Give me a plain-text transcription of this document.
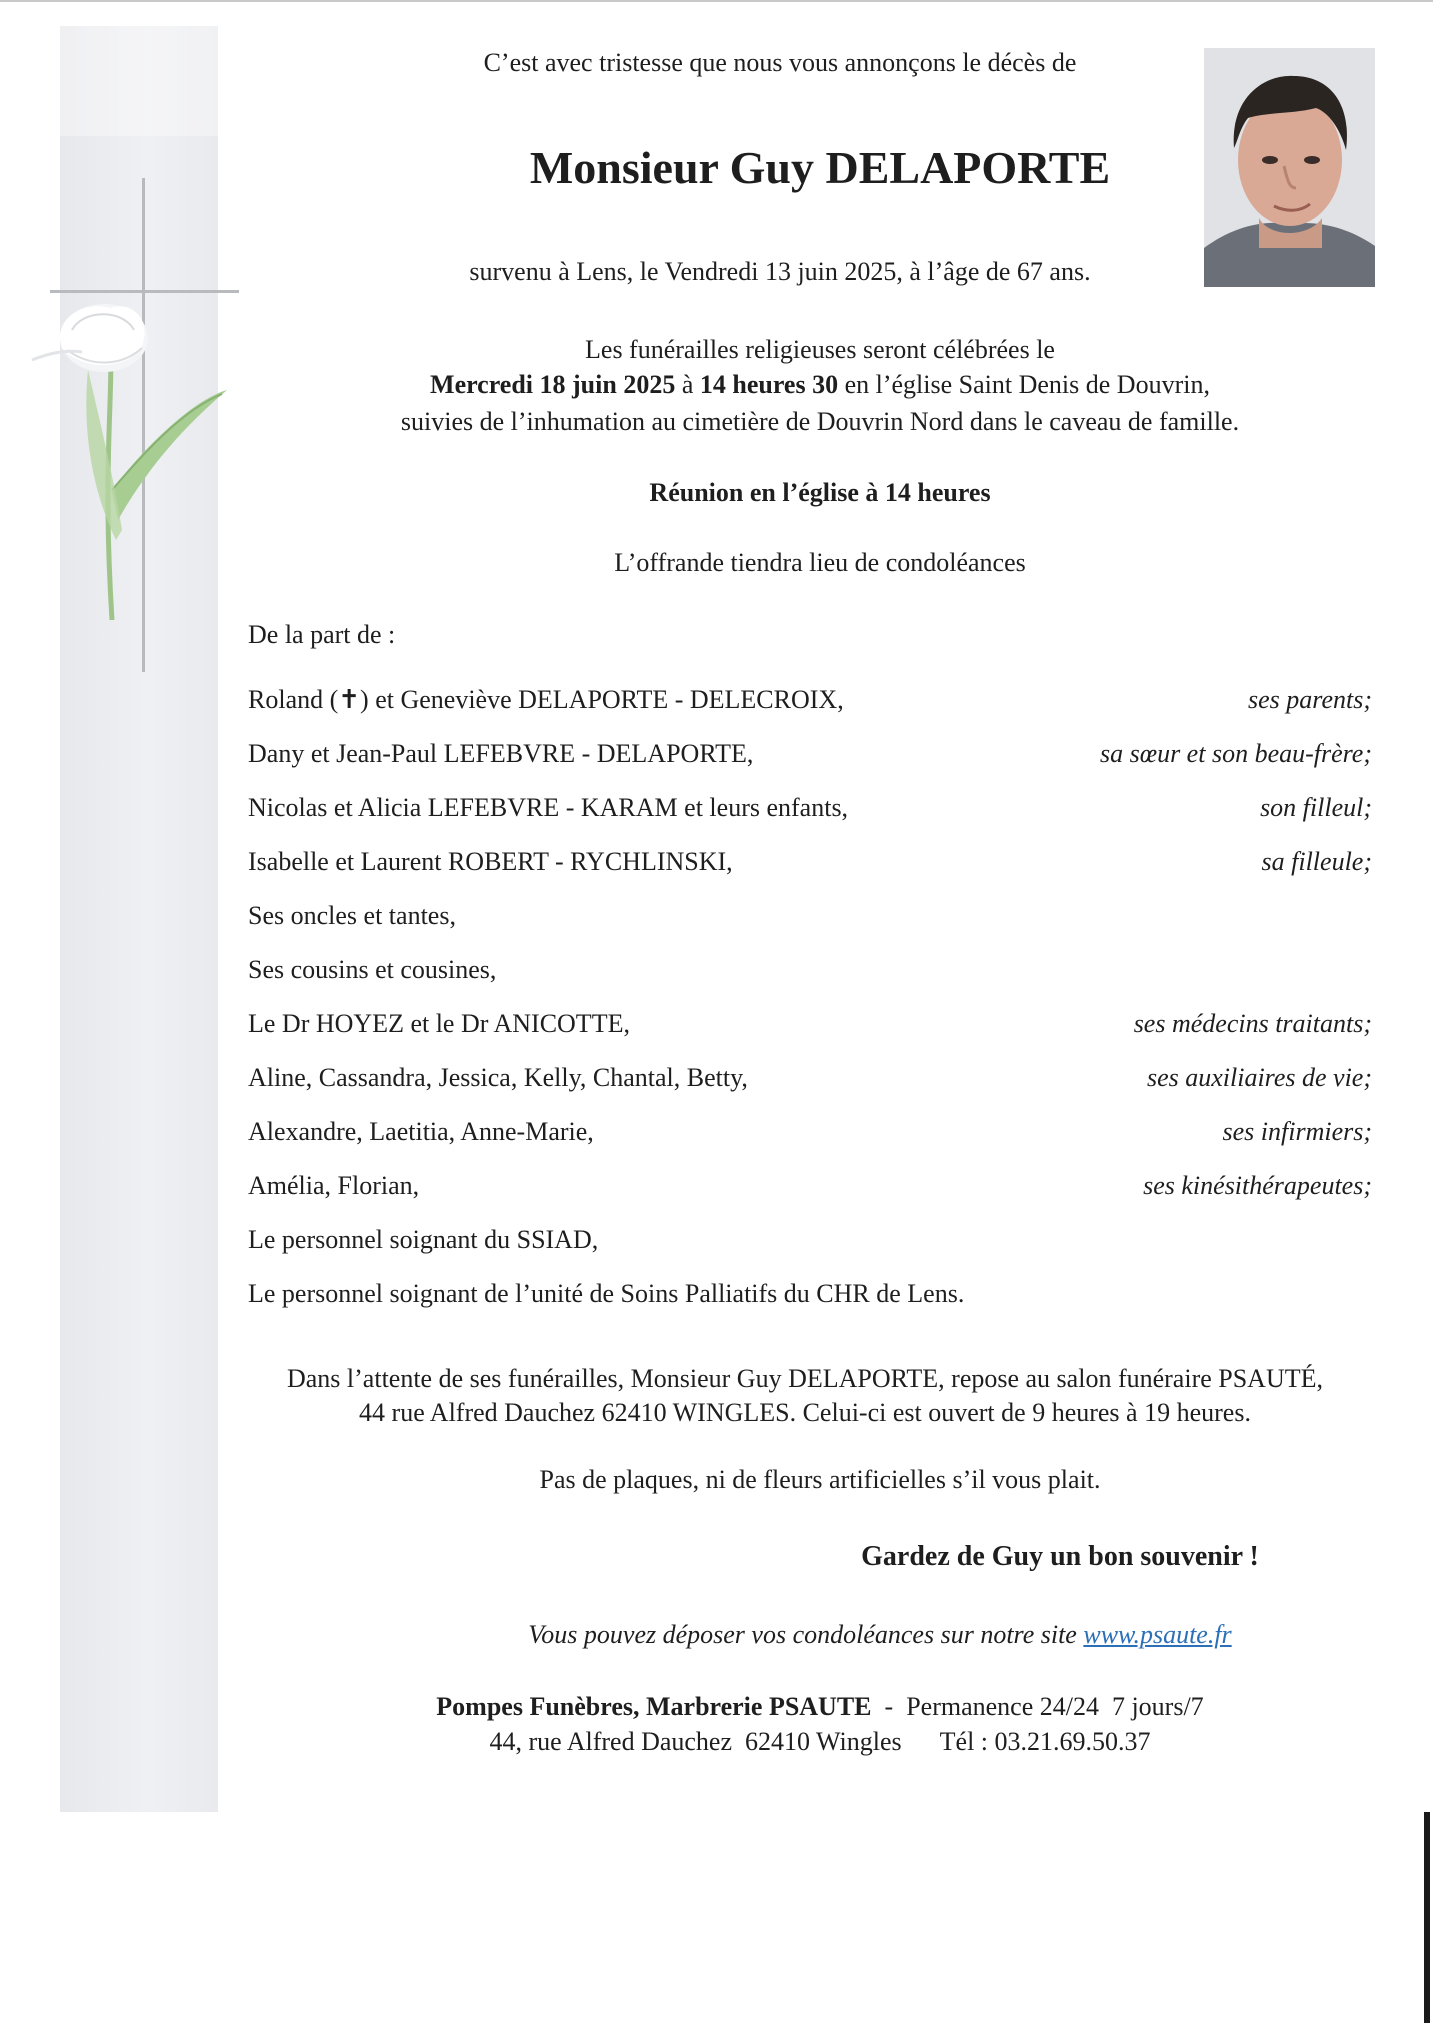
C’est avec tristesse que nous vous annonçons le décès de
Monsieur Guy DELAPORTE
survenu à Lens, le Vendredi 13 juin 2025, à l’âge de 67 ans.
Les funérailles religieuses seront célébrées le
Mercredi 18 juin 2025 à 14 heures 30 en l’église Saint Denis de Douvrin,
suivies de l’inhumation au cimetière de Douvrin Nord dans le caveau de famille.
Réunion en l’église à 14 heures
L’offrande tiendra lieu de condoléances
De la part de :
Roland (✝) et Geneviève DELAPORTE - DELECROIX,	ses parents;
Dany et Jean-Paul LEFEBVRE - DELAPORTE,	sa sœur et son beau-frère;
Nicolas et Alicia LEFEBVRE - KARAM et leurs enfants,	son filleul;
Isabelle et Laurent ROBERT - RYCHLINSKI,	sa filleule;
Ses oncles et tantes,
Ses cousins et cousines,
Le Dr HOYEZ et le Dr ANICOTTE,	ses médecins traitants;
Aline, Cassandra, Jessica, Kelly, Chantal, Betty,	ses auxiliaires de vie;
Alexandre, Laetitia, Anne-Marie,	ses infirmiers;
Amélia, Florian,	ses kinésithérapeutes;
Le personnel soignant du SSIAD,
Le personnel soignant de l’unité de Soins Palliatifs du CHR de Lens.
Dans l’attente de ses funérailles, Monsieur Guy DELAPORTE, repose au salon funéraire PSAUTÉ,
44 rue Alfred Dauchez 62410 WINGLES. Celui-ci est ouvert de 9 heures à 19 heures.
Pas de plaques, ni de fleurs artificielles s’il vous plait.
Gardez de Guy un bon souvenir !
Vous pouvez déposer vos condoléances sur notre site www.psaute.fr
Pompes Funèbres, Marbrerie PSAUTE  -  Permanence 24/24  7 jours/7
44, rue Alfred Dauchez  62410 Wingles Tél : 03.21.69.50.37
